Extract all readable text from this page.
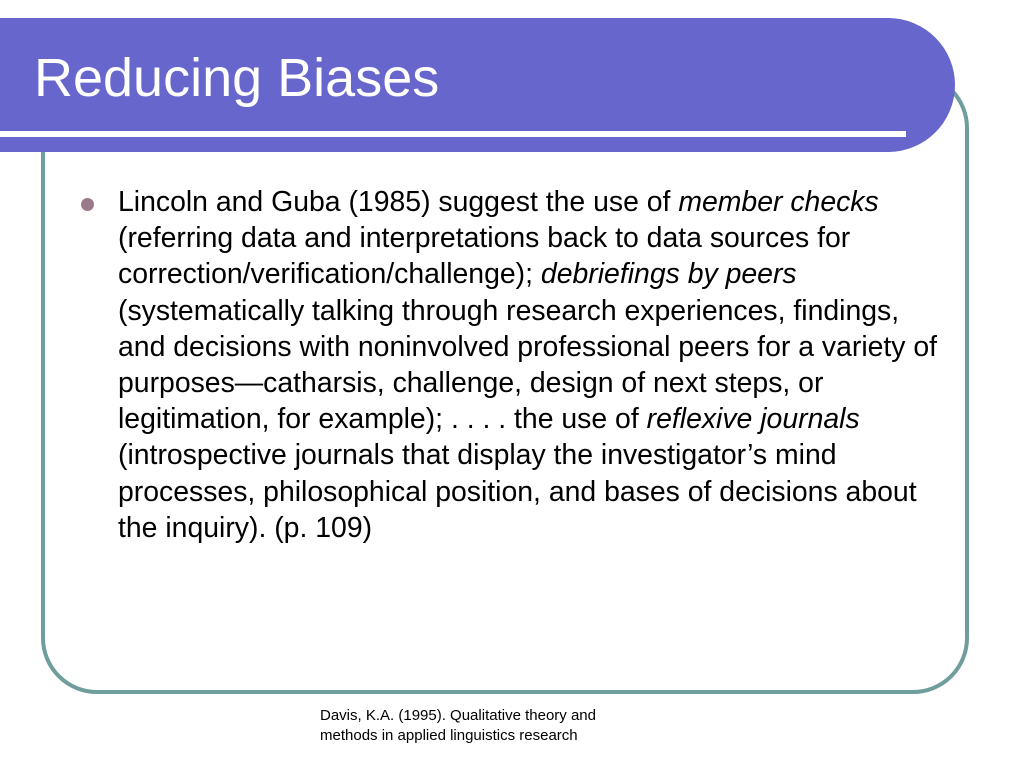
Reducing Biases
Lincoln and Guba (1985) suggest the use of member checks (referring data and interpretations back to data sources for correction/verification/challenge); debriefings by peers (systematically talking through research experiences, findings, and decisions with noninvolved professional peers for a variety of purposes—catharsis, challenge, design of next steps, or legitimation, for example); . . . . the use of reflexive journals (introspective journals that display the investigator’s mind processes, philosophical position, and bases of decisions about the inquiry). (p. 109)
Davis, K.A. (1995). Qualitative theory and
methods in applied linguistics research
